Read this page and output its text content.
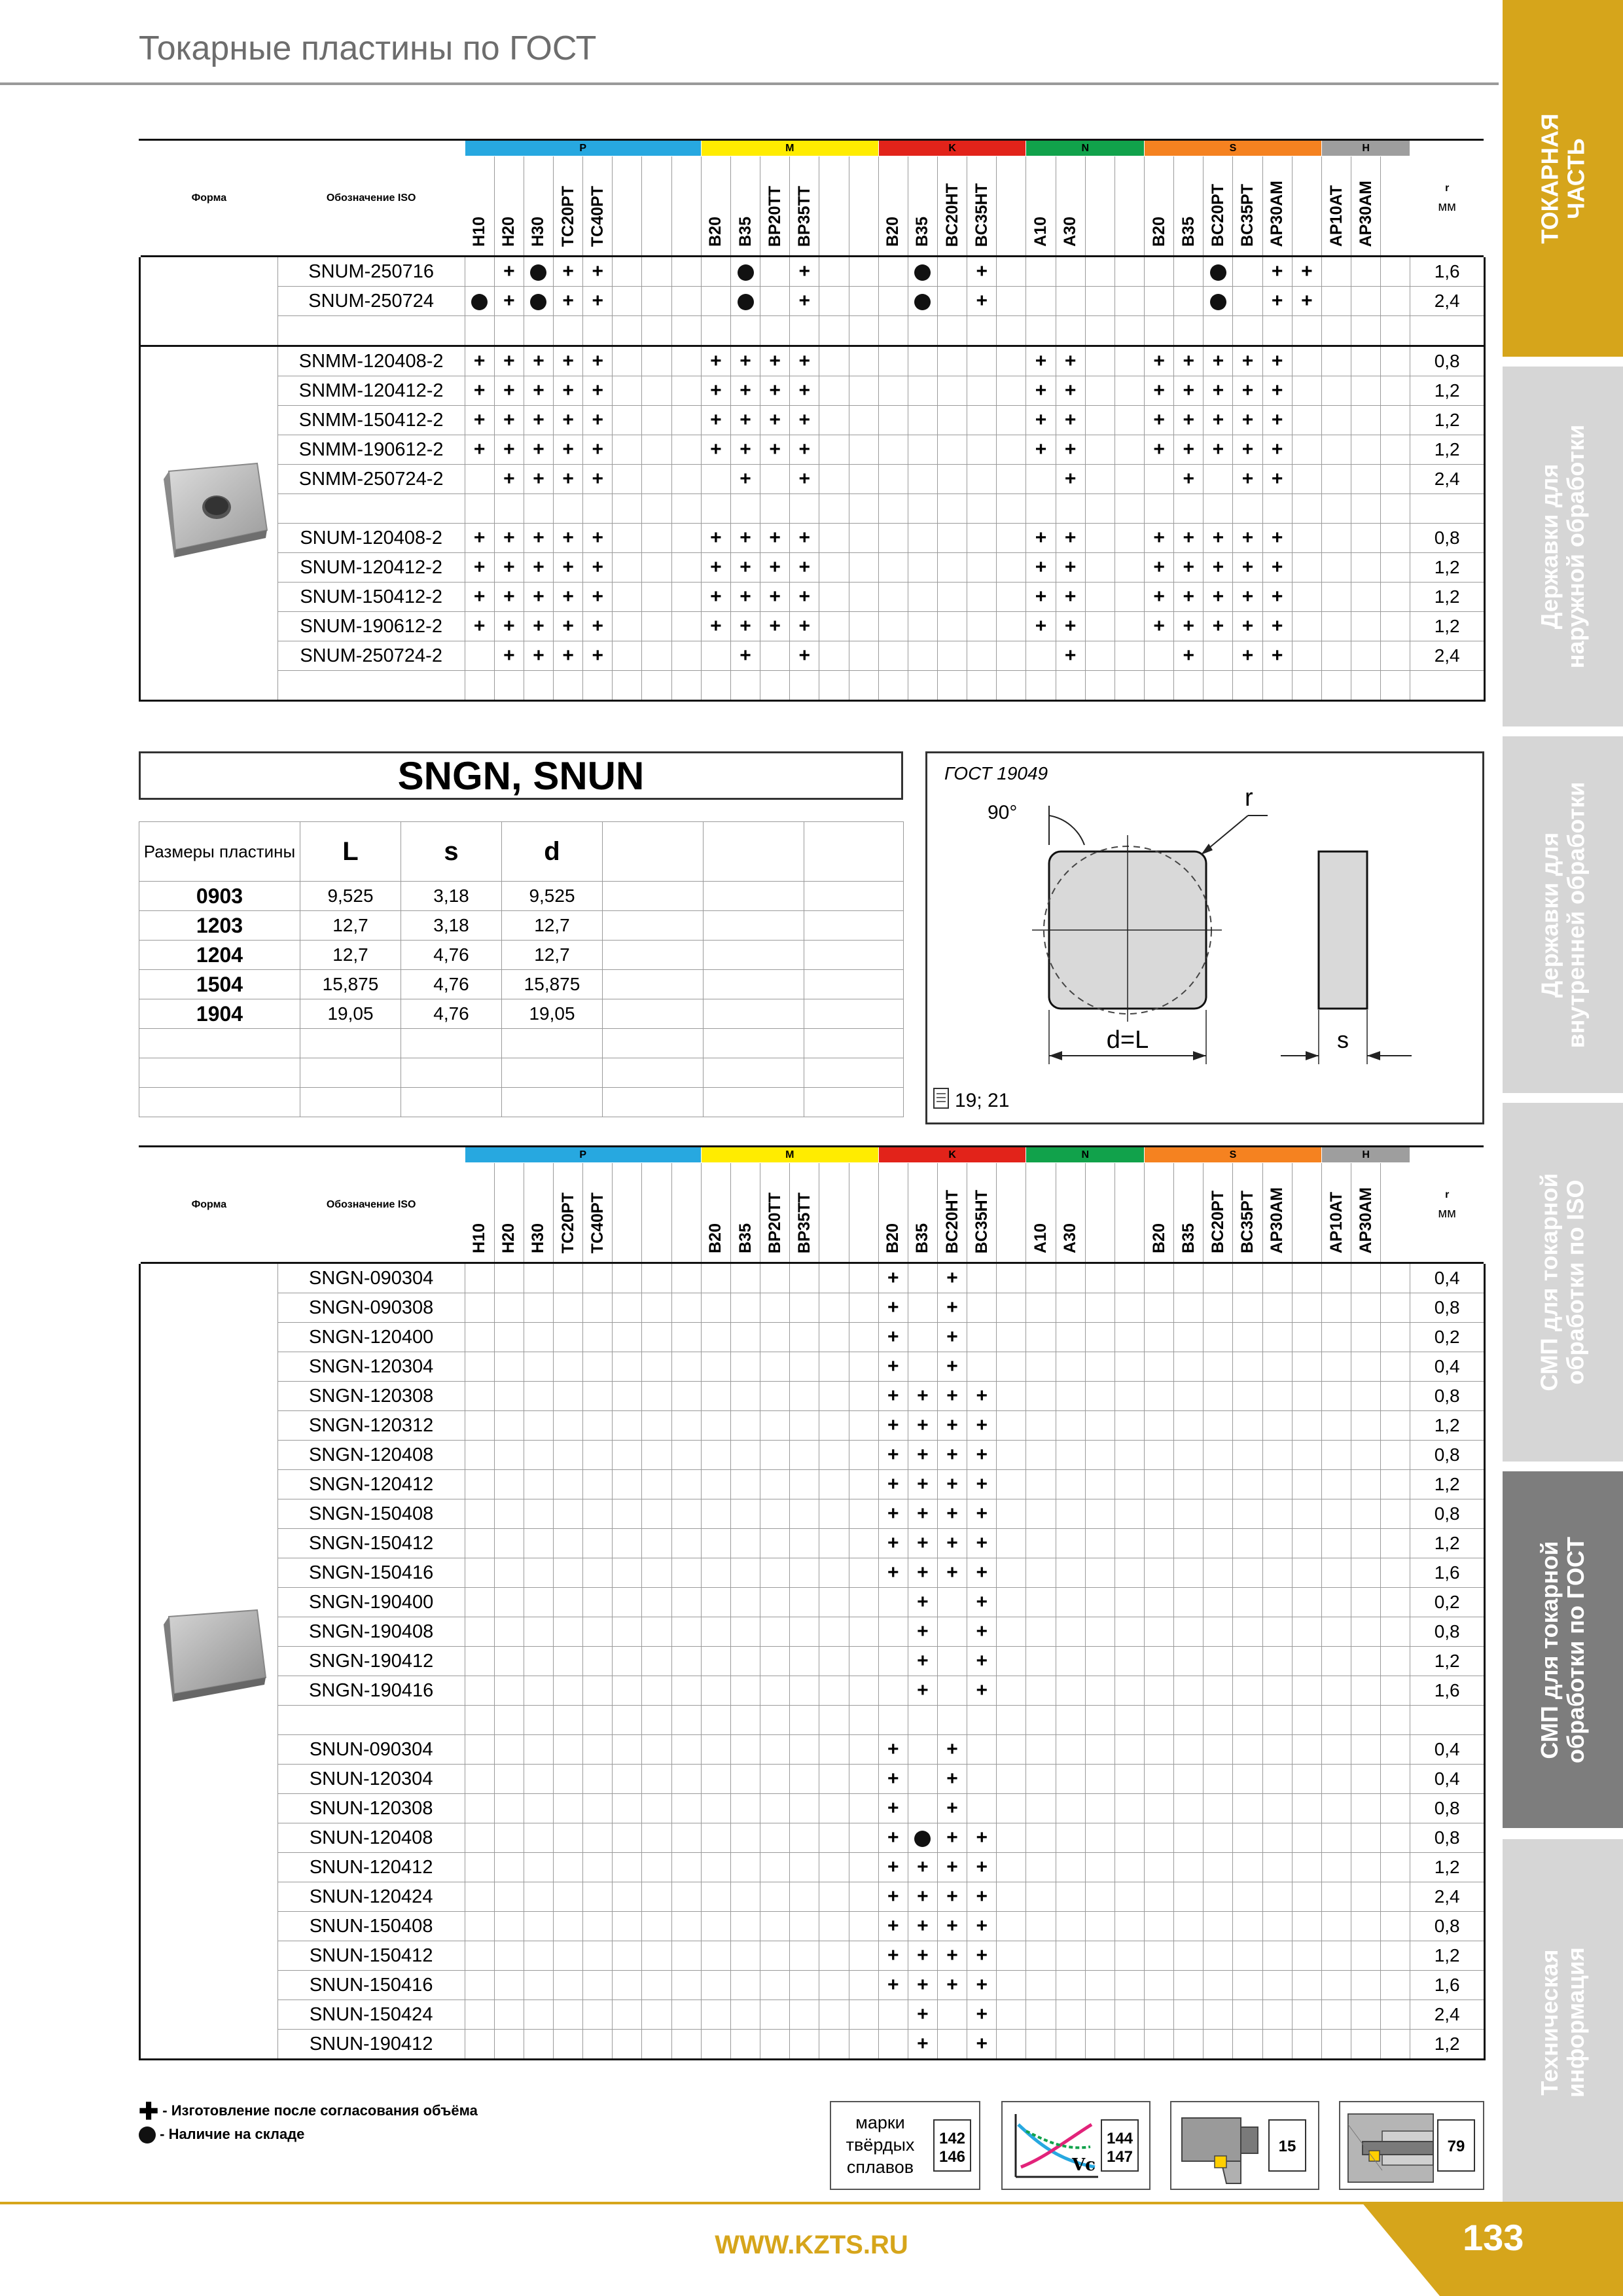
Токарные пластины по ГОСТ
ТОКАРНАЯ
ЧАСТЬ
Державки для
наружной обработки
Державки для
внутренней обработки
СМП для токарной
обработки по ISO
СМП для токарной
обработки по ГОСТ
Техническая
информация
Форма	Обозначение ISO	P								M						K					N				S						H			r
мм
		H10	H20	H30	TC20PT	TC40PT				B20	B35	BP20TT	BP35TT			B20	B35	BC20HT	BC35HT		A10	A30			B20	B35	BC20PT	BC35PT	AP30AM		AP10AT	AP30AM		
	SNUM-250716		+		+	+							+						+										+	+				1,6
	SNUM-250724		+		+	+							+						+										+	+				2,4

	SNMM-120408-2	+	+	+	+	+				+	+	+	+								+	+			+	+	+	+	+					0,8
	SNMM-120412-2	+	+	+	+	+				+	+	+	+								+	+			+	+	+	+	+					1,2
	SNMM-150412-2	+	+	+	+	+				+	+	+	+								+	+			+	+	+	+	+					1,2
	SNMM-190612-2	+	+	+	+	+				+	+	+	+								+	+			+	+	+	+	+					1,2
	SNMM-250724-2		+	+	+	+					+		+									+				+		+	+					2,4

	SNUM-120408-2	+	+	+	+	+				+	+	+	+								+	+			+	+	+	+	+					0,8
	SNUM-120412-2	+	+	+	+	+				+	+	+	+								+	+			+	+	+	+	+					1,2
	SNUM-150412-2	+	+	+	+	+				+	+	+	+								+	+			+	+	+	+	+					1,2
	SNUM-190612-2	+	+	+	+	+				+	+	+	+								+	+			+	+	+	+	+					1,2
	SNUM-250724-2		+	+	+	+					+		+									+				+		+	+					2,4

SNGN, SNUN
Размеры пластины	L	s	d			
0903	9,525	3,18	9,525			
1203	12,7	3,18	12,7			
1204	12,7	4,76	12,7			
1504	15,875	4,76	15,875			
1904	19,05	4,76	19,05			

ГОСТ 19049
90°
r
d=L	s
19; 21
Форма	Обозначение ISO	P								M						K					N				S						H			r
мм
		H10	H20	H30	TC20PT	TC40PT				B20	B35	BP20TT	BP35TT			B20	B35	BC20HT	BC35HT		A10	A30			B20	B35	BC20PT	BC35PT	AP30AM		AP10AT	AP30AM		
	SNGN-090304															+		+																0,4
	SNGN-090308															+		+																0,8
	SNGN-120400															+		+																0,2
	SNGN-120304															+		+																0,4
	SNGN-120308															+	+	+	+															0,8
	SNGN-120312															+	+	+	+															1,2
	SNGN-120408															+	+	+	+															0,8
	SNGN-120412															+	+	+	+															1,2
	SNGN-150408															+	+	+	+															0,8
	SNGN-150412															+	+	+	+															1,2
	SNGN-150416															+	+	+	+															1,6
	SNGN-190400																+		+															0,2
	SNGN-190408																+		+															0,8
	SNGN-190412																+		+															1,2
	SNGN-190416																+		+															1,6

	SNUN-090304															+		+																0,4
	SNUN-120304															+		+																0,4
	SNUN-120308															+		+																0,8
	SNUN-120408															+		+	+															0,8
	SNUN-120412															+	+	+	+															1,2
	SNUN-120424															+	+	+	+															2,4
	SNUN-150408															+	+	+	+															0,8
	SNUN-150412															+	+	+	+															1,2
	SNUN-150416															+	+	+	+															1,6
	SNUN-150424																+		+															2,4
	SNUN-190412																+		+															1,2
✚ - Изготовление после согласования объёма
- Наличие на складе
марки
твёрдых
сплавов
142
146	Vc
144
147
15	79
133
WWW.KZTS.RU
